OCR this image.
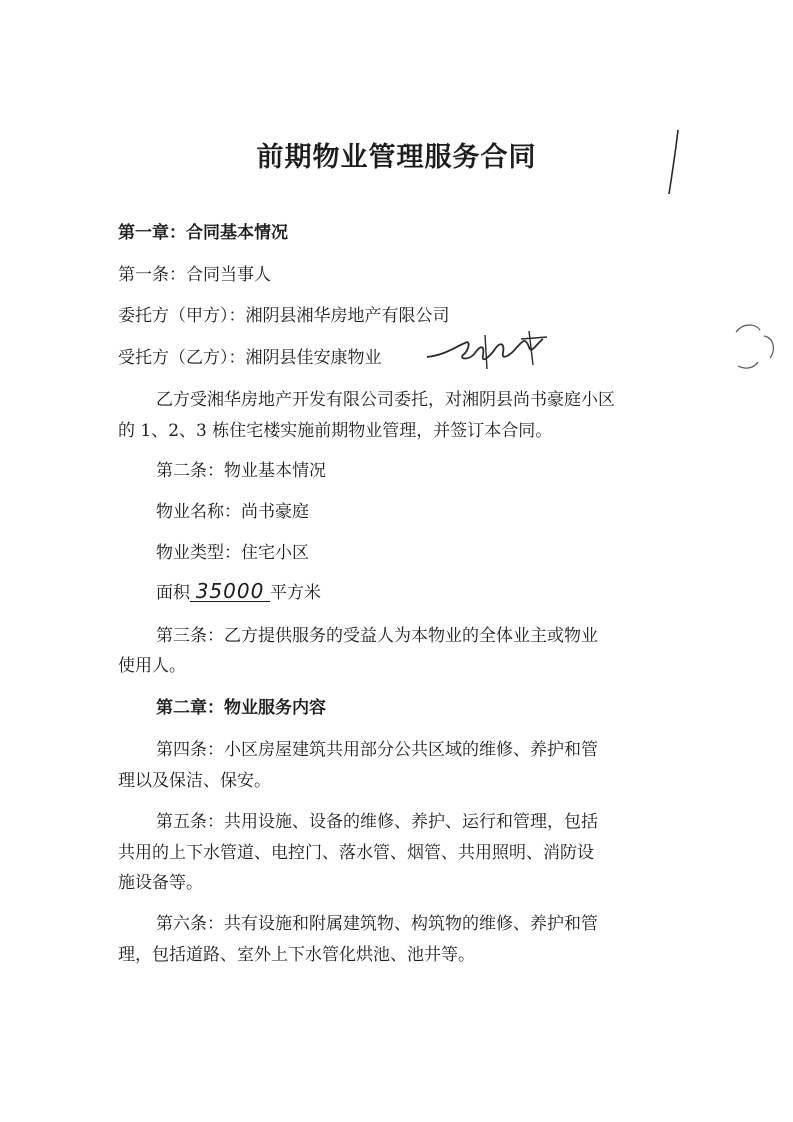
前期物业管理服务合同
第一章：合同基本情况
第一条：合同当事人
委托方（甲方）：湘阴县湘华房地产有限公司
受托方（乙方）：湘阴县佳安康物业
乙方受湘华房地产开发有限公司委托，对湘阴县尚书豪庭小区
的 1、2、3 栋住宅楼实施前期物业管理，并签订本合同。
第二条：物业基本情况
物业名称：尚书豪庭
物业类型：住宅小区
面积 35000 平方米
第三条：乙方提供服务的受益人为本物业的全体业主或物业
使用人。
第二章：物业服务内容
第四条：小区房屋建筑共用部分公共区域的维修、养护和管
理以及保洁、保安。
第五条：共用设施、设备的维修、养护、运行和管理，包括
共用的上下水管道、电控门、落水管、烟管、共用照明、消防设
施设备等。
第六条：共有设施和附属建筑物、构筑物的维修、养护和管
理，包括道路、室外上下水管化烘池、池井等。
